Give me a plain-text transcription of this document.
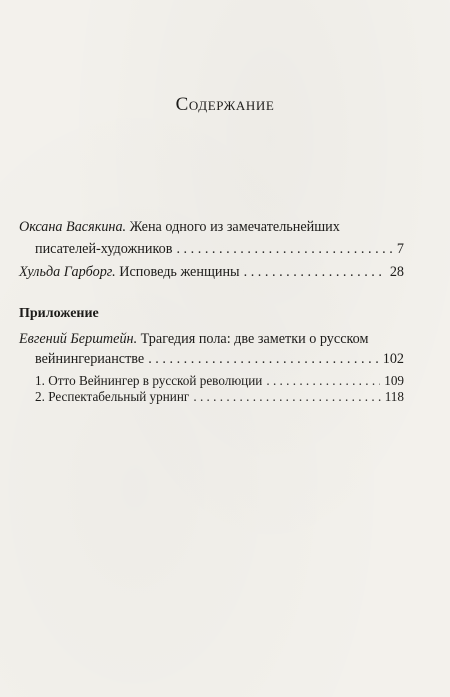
Содержание
Оксана Васякина. Жена одного из замечательнейших
писателей-художников . . .	7
Хульда Гарборг. Исповедь женщины . . .	28
Приложение
Евгений Берштейн. Трагедия пола: две заметки о русском
вейнингерианстве . . .	102
1. Отто Вейнингер в русской революции . . .	109
2. Респектабельный урнинг . . .	118
